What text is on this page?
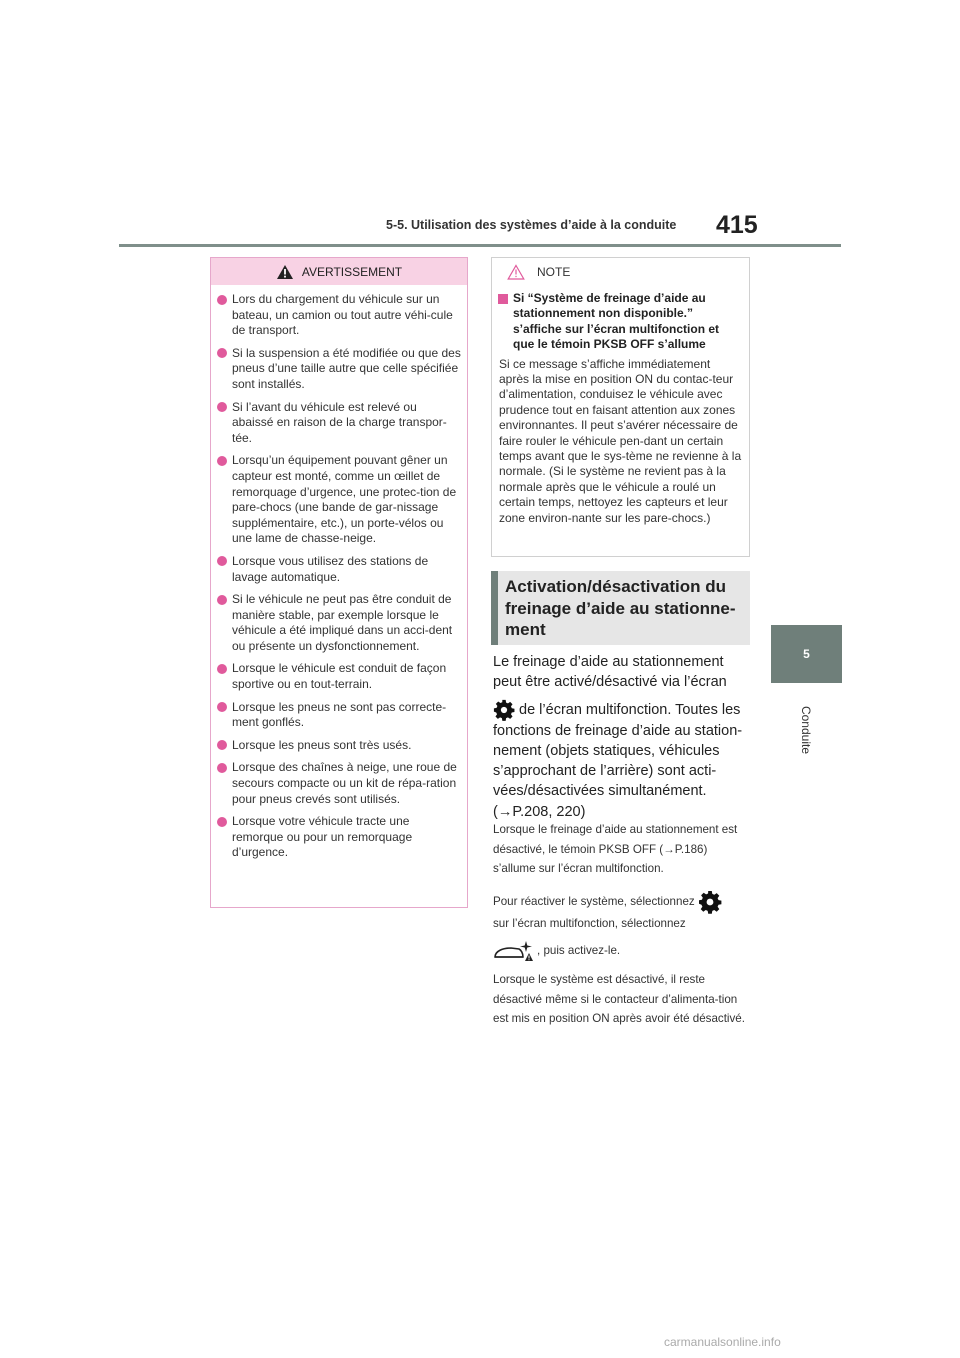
5-5. Utilisation des systèmes d’aide à la conduite	415
5
Conduite
AVERTISSEMENT
Lors du chargement du véhicule sur un bateau, un camion ou tout autre véhi-cule de transport.
Si la suspension a été modifiée ou que des pneus d’une taille autre que celle spécifiée sont installés.
Si l’avant du véhicule est relevé ou abaissé en raison de la charge transpor-tée.
Lorsqu’un équipement pouvant gêner un capteur est monté, comme un œillet de remorquage d’urgence, une protec-tion de pare-chocs (une bande de gar-nissage supplémentaire, etc.), un porte-vélos ou une lame de chasse-neige.
Lorsque vous utilisez des stations de lavage automatique.
Si le véhicule ne peut pas être conduit de manière stable, par exemple lorsque le véhicule a été impliqué dans un acci-dent ou présente un dysfonctionnement.
Lorsque le véhicule est conduit de façon sportive ou en tout-terrain.
Lorsque les pneus ne sont pas correcte-ment gonflés.
Lorsque les pneus sont très usés.
Lorsque des chaînes à neige, une roue de secours compacte ou un kit de répa-ration pour pneus crevés sont utilisés.
Lorsque votre véhicule tracte une remorque ou pour un remorquage d’urgence.
NOTE
Si “Système de freinage d’aide au stationnement non disponible.” s’affiche sur l’écran multifonction et que le témoin PKSB OFF s’allume
Si ce message s’affiche immédiatement après la mise en position ON du contac-teur d’alimentation, conduisez le véhicule avec prudence tout en faisant attention aux zones environnantes. Il peut s’avérer nécessaire de faire rouler le véhicule pen-dant un certain temps avant que le sys-tème ne revienne à la normale. (Si le système ne revient pas à la normale après que le véhicule a roulé un certain temps, nettoyez les capteurs et leur zone environ-nante sur les pare-chocs.)
Activation/désactivation du freinage d’aide au stationne-ment
Le freinage d’aide au stationnement peut être activé/désactivé via l’écran
de l’écran multifonction. Toutes les fonctions de freinage d’aide au station-nement (objets statiques, véhicules s’approchant de l’arrière) sont acti-vées/désactivées simultanément.
(→P.208, 220)
Lorsque le freinage d’aide au stationnement est désactivé, le témoin PKSB OFF (→P.186) s’allume sur l’écran multifonction.
Pour réactiver le système, sélectionnez
sur l’écran multifonction, sélectionnez
, puis activez-le.
Lorsque le système est désactivé, il reste désactivé même si le contacteur d’alimenta-tion est mis en position ON après avoir été désactivé.
carmanualsonline.info
